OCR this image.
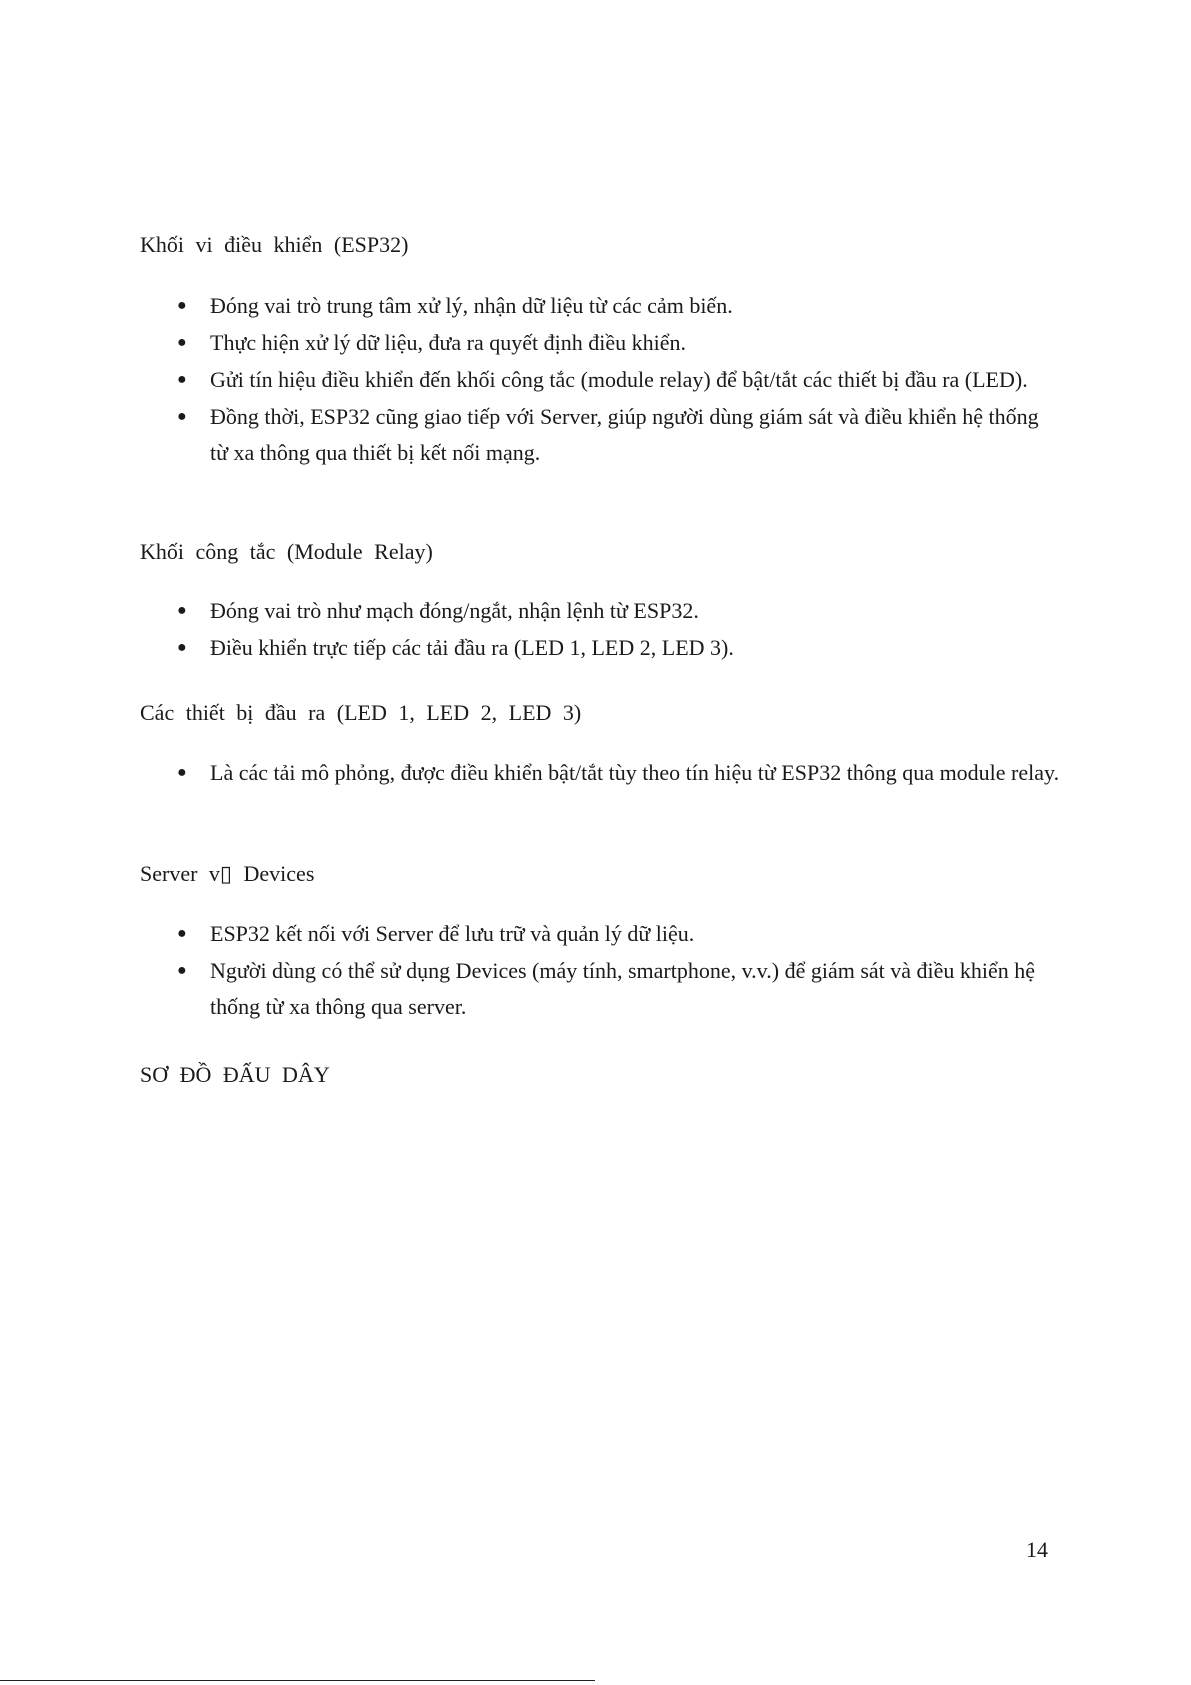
Khối vi điều khiển (ESP32)
● Đóng vai trò trung tâm xử lý, nhận dữ liệu từ các cảm biến.
● Thực hiện xử lý dữ liệu, đưa ra quyết định điều khiển.
● Gửi tín hiệu điều khiển đến khối công tắc (module relay) để bật/tắt các thiết bị đầu ra (LED).
● Đồng thời, ESP32 cũng giao tiếp với Server, giúp người dùng giám sát và điều khiển hệ thống từ xa thông qua thiết bị kết nối mạng.
Khối công tắc (Module Relay)
● Đóng vai trò như mạch đóng/ngắt, nhận lệnh từ ESP32.
● Điều khiển trực tiếp các tải đầu ra (LED 1, LED 2, LED 3).
Các thiết bị đầu ra (LED 1, LED 2, LED 3)
● Là các tải mô phỏng, được điều khiển bật/tắt tùy theo tín hiệu từ ESP32 thông qua module relay.
Server v▯ Devices
● ESP32 kết nối với Server để lưu trữ và quản lý dữ liệu.
● Người dùng có thể sử dụng Devices (máy tính, smartphone, v.v.) để giám sát và điều khiển hệ thống từ xa thông qua server.
SƠ ĐỒ ĐẤU DÂY
14
